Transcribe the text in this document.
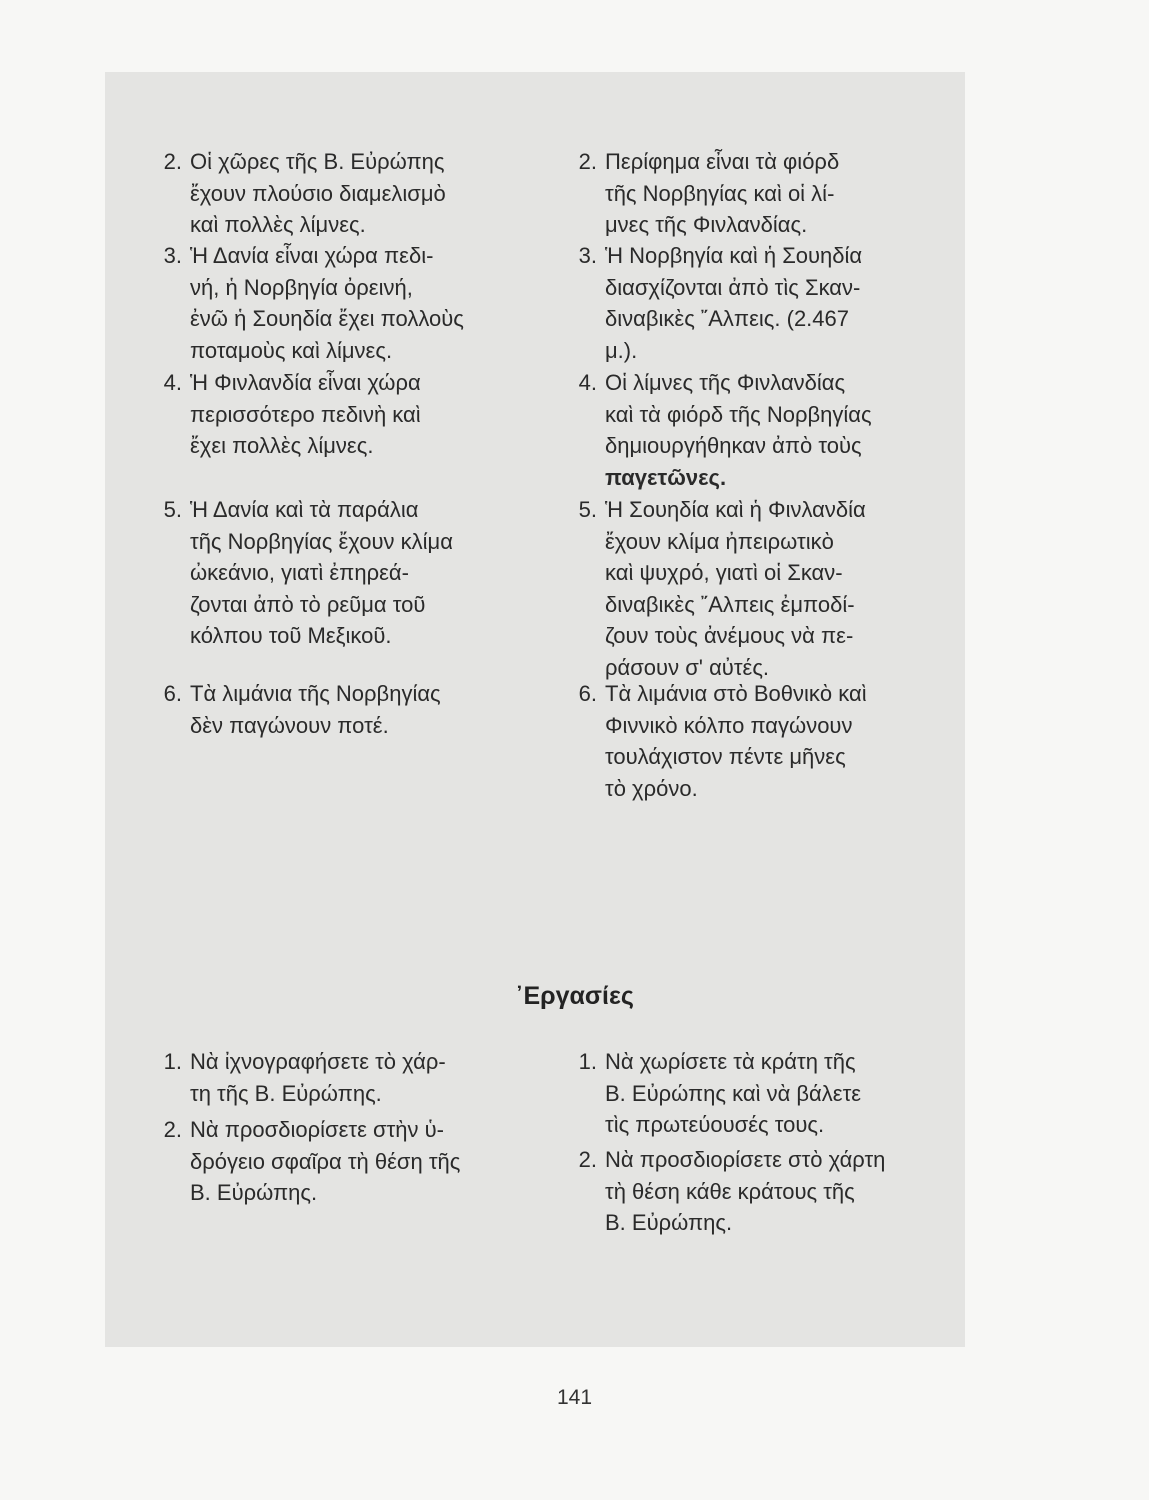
2. Οἱ χῶρες τῆς Β. Εὐρώπης
ἔχουν πλούσιο διαμελισμὸ
καὶ πολλὲς λίμνες.
3. Ἡ Δανία εἶναι χώρα πεδι-
νή, ἡ Νορβηγία ὀρεινή,
ἐνῶ ἡ Σουηδία ἔχει πολλοὺς
ποταμοὺς καὶ λίμνες.
4. Ἡ Φινλανδία εἶναι χώρα
περισσότερο πεδινὴ καὶ
ἔχει πολλὲς λίμνες.
5. Ἡ Δανία καὶ τὰ παράλια
τῆς Νορβηγίας ἔχουν κλίμα
ὠκεάνιο, γιατὶ ἐπηρεά-
ζονται ἀπὸ τὸ ρεῦμα τοῦ
κόλπου τοῦ Μεξικοῦ.
6. Τὰ λιμάνια τῆς Νορβηγίας
δὲν παγώνουν ποτέ.
2. Περίφημα εἶναι τὰ φιόρδ
τῆς Νορβηγίας καὶ οἱ λί-
μνες τῆς Φινλανδίας.
3. Ἡ Νορβηγία καὶ ἡ Σουηδία
διασχίζονται ἀπὸ τὶς Σκαν-
διναβικὲς ῎Αλπεις. (2.467
μ.).
4. Οἱ λίμνες τῆς Φινλανδίας
καὶ τὰ φιόρδ τῆς Νορβηγίας
δημιουργήθηκαν ἀπὸ τοὺς
παγετῶνες.
5. Ἡ Σουηδία καὶ ἡ Φινλανδία
ἔχουν κλίμα ἠπειρωτικὸ
καὶ ψυχρό, γιατὶ οἱ Σκαν-
διναβικὲς ῎Αλπεις ἐμποδί-
ζουν τοὺς ἀνέμους νὰ πε-
ράσουν σ' αὐτές.
6. Τὰ λιμάνια στὸ Βοθνικὸ καὶ
Φιννικὸ κόλπο παγώνουν
τουλάχιστον πέντε μῆνες
τὸ χρόνο.
᾿Εργασίες
1. Νὰ ἰχνογραφήσετε τὸ χάρ-
τη τῆς Β. Εὐρώπης.
2. Νὰ προσδιορίσετε στὴν ὑ-
δρόγειο σφαῖρα τὴ θέση τῆς
Β. Εὐρώπης.
1. Νὰ χωρίσετε τὰ κράτη τῆς
Β. Εὐρώπης καὶ νὰ βάλετε
τὶς πρωτεύουσές τους.
2. Νὰ προσδιορίσετε στὸ χάρτη
τὴ θέση κάθε κράτους τῆς
Β. Εὐρώπης.
141
